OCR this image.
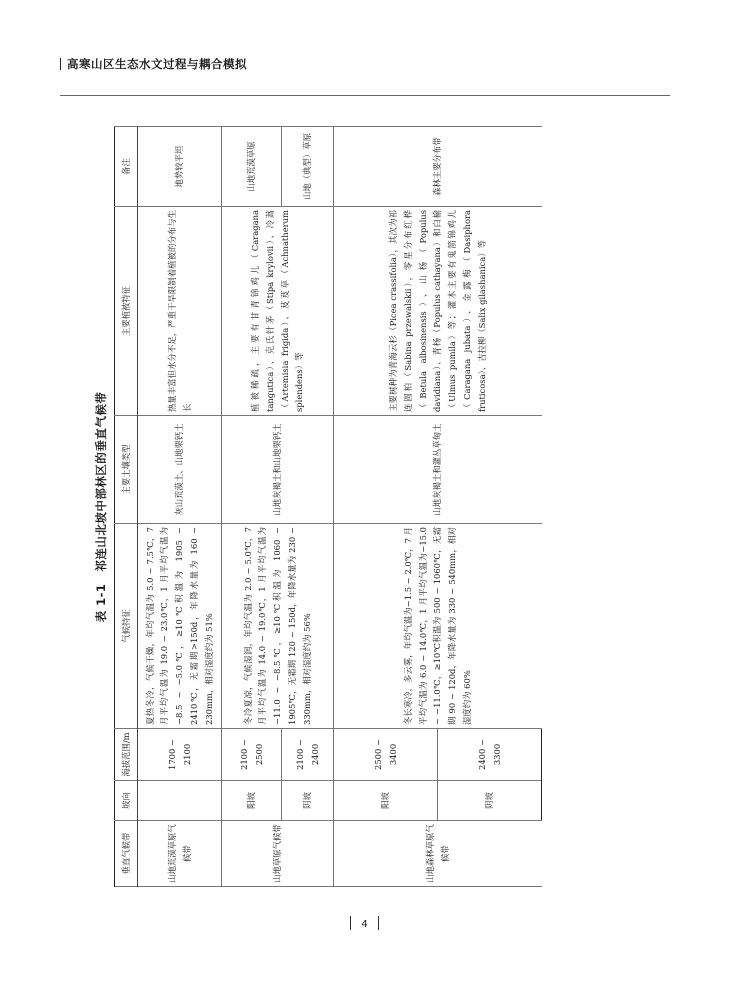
高寒山区生态水文过程与耦合模拟
表 1-1　祁连山北坡中部林区的垂直气候带
垂直气候带	坡向	海拔范围/m	气候特征	主要土壤类型	主要植被特征	备注
山地荒漠草原气候带		1700 ~ 2100	夏热冬冷，气候干燥，年均气温为 5.0 ~ 7.5℃，7 月平均气温为 19.0 ~ 23.0℃，1 月平均气温为−8.5 ~ −5.0℃，≥10℃积温为 1905 ~ 2410℃，无霜期>150d，年降水量为 160 ~ 230mm，相对湿度约为 51%	灰山荒漠土、山地栗钙土	热量丰富但水分不足，严重干旱限制着植被的分布与生长	地势较平坦
山地草原气候带	阳坡	2100 ~ 2500	冬冷夏凉，气候湿润，年均气温为 2.0 ~ 5.0℃，7 月平均气温为 14.0 ~ 19.0℃，1 月平均气温为−11.0 ~ −8.5℃，≥10℃积温为 1060 ~ 1905℃，无霜期 120 ~ 150d，年降水量为 230 ~ 330mm，相对湿度约为 56%	山地灰褐土和山地栗钙土	植被稀疏，主要有甘青锦鸡儿（Caragana tangutica）、克氏针茅（Stipa krylovii）、冷蒿（Artemisia frigida）、芨芨草（Achnatherum splendens）等	山地荒漠草原
	阴坡	2100 ~ 2400				山地（典型）草原
山地森林草原气候带	阳坡	2500 ~ 3400	冬长寒冷，多云雾，年均气温为−1.5 ~ 2.0℃，7 月平均气温为 6.0 ~ 14.0℃，1 月平均气温为−15.0 ~ −11.0℃，≥10℃积温为 500 ~ 1060℃，无霜期 90 ~ 120d，年降水量为 330 ~ 540mm，相对湿度约为 60%	山地灰褐土和灌丛草甸土	主要树种为青海云杉（Picea crassifolia），其次为祁连圆柏（Sabina przewalskii），零星分布红桦（Betula albosinensis）、山杨（Populus davidiana）、青杨（Populus cathayana）和白榆（Ulmus pumila）等；灌木主要有鬼箭锦鸡儿（Caragana jubata）、金露梅（Dasiphora fruticosa）、吉拉柳（Salix gilashanica）等	森林主要分布带
	阴坡	2400 ~ 3300				
4
